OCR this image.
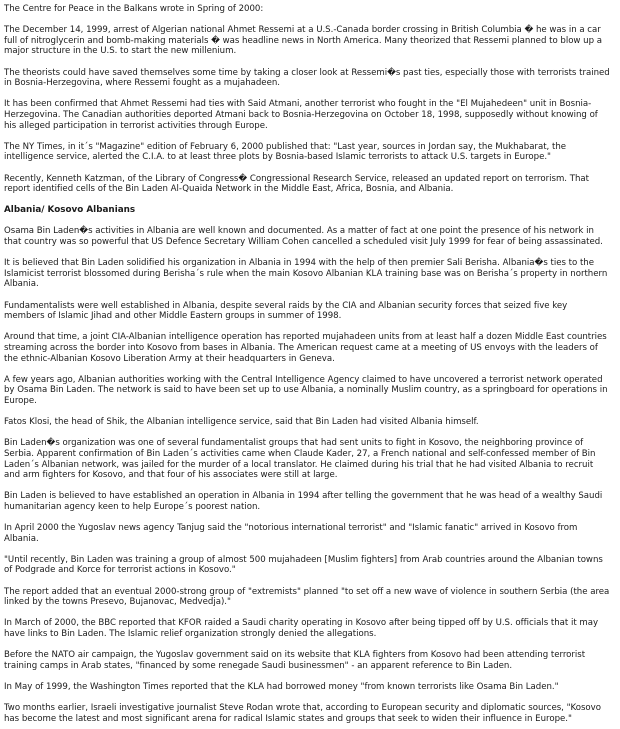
The Centre for Peace in the Balkans wrote in Spring of 2000:

The December 14, 1999, arrest of Algerian national Ahmet Ressemi at a U.S.-Canada border crossing in British Columbia � he was in a car full of nitroglycerin and bomb-making materials � was headline news in North America. Many theorized that Ressemi planned to blow up a major structure in the U.S. to start the new millenium.

The theorists could have saved themselves some time by taking a closer look at Ressemi�s past ties, especially those with terrorists trained in Bosnia-Herzegovina, where Ressemi fought as a mujahadeen.

It has been confirmed that Ahmet Ressemi had ties with Said Atmani, another terrorist who fought in the "El Mujahedeen" unit in Bosnia-Herzegovina. The Canadian authorities deported Atmani back to Bosnia-Herzegovina on October 18, 1998, supposedly without knowing of his alleged participation in terrorist activities through Europe.

The NY Times, in it´s "Magazine" edition of February 6, 2000 published that: "Last year, sources in Jordan say, the Mukhabarat, the intelligence service, alerted the C.I.A. to at least three plots by Bosnia-based Islamic terrorists to attack U.S. targets in Europe."

Recently, Kenneth Katzman, of the Library of Congress� Congressional Research Service, released an updated report on terrorism. That report identified cells of the Bin Laden Al-Quaida Network in the Middle East, Africa, Bosnia, and Albania.

Albania/ Kosovo Albanians

Osama Bin Laden�s activities in Albania are well known and documented. As a matter of fact at one point the presence of his network in that country was so powerful that US Defence Secretary William Cohen cancelled a scheduled visit July 1999 for fear of being assassinated.

It is believed that Bin Laden solidified his organization in Albania in 1994 with the help of then premier Sali Berisha. Albania�s ties to the Islamicist terrorist blossomed during Berisha´s rule when the main Kosovo Albanian KLA training base was on Berisha´s property in northern Albania.

Fundamentalists were well established in Albania, despite several raids by the CIA and Albanian security forces that seized five key members of Islamic Jihad and other Middle Eastern groups in summer of 1998.

Around that time, a joint CIA-Albanian intelligence operation has reported mujahadeen units from at least half a dozen Middle East countries streaming across the border into Kosovo from bases in Albania. The American request came at a meeting of US envoys with the leaders of the ethnic-Albanian Kosovo Liberation Army at their headquarters in Geneva.

A few years ago, Albanian authorities working with the Central Intelligence Agency claimed to have uncovered a terrorist network operated by Osama Bin Laden. The network is said to have been set up to use Albania, a nominally Muslim country, as a springboard for operations in Europe.

Fatos Klosi, the head of Shik, the Albanian intelligence service, said that Bin Laden had visited Albania himself.

Bin Laden�s organization was one of several fundamentalist groups that had sent units to fight in Kosovo, the neighboring province of Serbia. Apparent confirmation of Bin Laden´s activities came when Claude Kader, 27, a French national and self-confessed member of Bin Laden´s Albanian network, was jailed for the murder of a local translator. He claimed during his trial that he had visited Albania to recruit and arm fighters for Kosovo, and that four of his associates were still at large.

Bin Laden is believed to have established an operation in Albania in 1994 after telling the government that he was head of a wealthy Saudi humanitarian agency keen to help Europe´s poorest nation.

In April 2000 the Yugoslav news agency Tanjug said the "notorious international terrorist" and "Islamic fanatic" arrived in Kosovo from Albania.

"Until recently, Bin Laden was training a group of almost 500 mujahadeen [Muslim fighters] from Arab countries around the Albanian towns of Podgrade and Korce for terrorist actions in Kosovo."

The report added that an eventual 2000-strong group of "extremists" planned "to set off a new wave of violence in southern Serbia (the area linked by the towns Presevo, Bujanovac, Medvedja)."

In March of 2000, the BBC reported that KFOR raided a Saudi charity operating in Kosovo after being tipped off by U.S. officials that it may have links to Bin Laden. The Islamic relief organization strongly denied the allegations.

Before the NATO air campaign, the Yugoslav government said on its website that KLA fighters from Kosovo had been attending terrorist training camps in Arab states, "financed by some renegade Saudi businessmen" - an apparent reference to Bin Laden.

In May of 1999, the Washington Times reported that the KLA had borrowed money "from known terrorists like Osama Bin Laden."

Two months earlier, Israeli investigative journalist Steve Rodan wrote that, according to European security and diplomatic sources, "Kosovo has become the latest and most significant arena for radical Islamic states and groups that seek to widen their influence in Europe."
